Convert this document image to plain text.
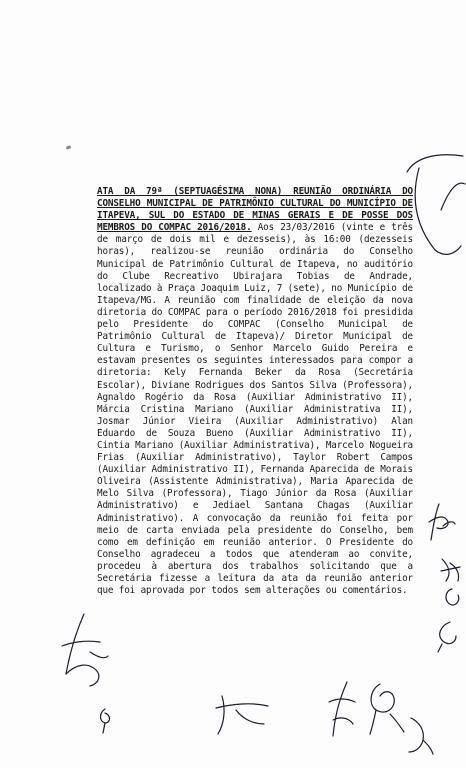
ATA DA 79ª (SEPTUAGÉSIMA NONA) REUNIÃO ORDINÁRIA DO CONSELHO MUNICIPAL DE PATRIMÔNIO CULTURAL DO MUNICÍPIO DE ITAPEVA, SUL DO ESTADO DE MINAS GERAIS E DE POSSE DOS MEMBROS DO COMPAC 2016/2018. Aos 23/03/2016 (vinte e três de março de dois mil e dezesseis), às 16:00 (dezesseis horas), realizou-se reunião ordinária do Conselho Municipal de Patrimônio Cultural de Itapeva, no auditório do Clube Recreativo Ubirajara Tobias de Andrade, localizado à Praça Joaquim Luiz, 7 (sete), no Município de Itapeva/MG. A reunião com finalidade de eleição da nova diretoria do COMPAC para o período 2016/2018 foi presidida pelo Presidente do COMPAC (Conselho Municipal de Patrimônio Cultural de Itapeva)/ Diretor Municipal de Cultura e Turismo, o Senhor Marcelo Guido Pereira e estavam presentes os seguintes interessados para compor a diretoria: Kely Fernanda Beker da Rosa (Secretária Escolar), Diviane Rodrigues dos Santos Silva (Professora), Agnaldo Rogério da Rosa (Auxiliar Administrativo II), Márcia Cristina Mariano (Auxiliar Administrativa II), Josmar Júnior Vieira (Auxiliar Administrativo) Alan Eduardo de Souza Bueno (Auxiliar Administrativo II), Cintia Mariano (Auxiliar Administrativa), Marcelo Nogueira Frias (Auxiliar Administrativo), Taylor Robert Campos (Auxiliar Administrativo II), Fernanda Aparecida de Morais Oliveira (Assistente Administrativa), Maria Aparecida de Melo Silva (Professora), Tiago Júnior da Rosa (Auxiliar Administrativo) e Jediael Santana Chagas (Auxiliar Administrativo). A convocação da reunião foi feita por meio de carta enviada pela presidente do Conselho, bem como em definição em reunião anterior. O Presidente do Conselho agradeceu a todos que atenderam ao convite, procedeu à abertura dos trabalhos solicitando que a Secretária fizesse a leitura da ata da reunião anterior que foi aprovada por todos sem alterações ou comentários.
